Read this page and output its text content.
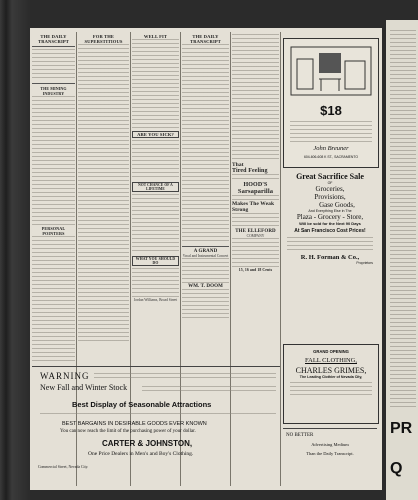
THE DAILY TRANSCRIPT
THE MINING INDUSTRY
PERSONAL POINTERS
FOR THE SUPERSTITIOUS
WELL FIT
ARE YOU SICK?
NOT CHANCE OF A LIFETIME
WHAT YOU SHOULD DO
Jordan Williams, Broad Street
THE DAILY TRANSCRIPT
A GRAND
Vocal and Instrumental Concert
WM. T. DOOM
That
Tired Feeling
HOOD'S
Sarsaparilla
Makes The Weak Strong
THE ELLEFORD
COMPANY
15, 16 and 18 Cents
$18
John Breuner
604-606-608 K ST., SACRAMENTO
Great Sacrifice Sale
OF
Groceries,
Provisions,
Gase Goods,
And Everything Else in The
Plaza - Grocery - Store,
Will be sold for the Next 90 Days
At San Francisco Cost Prices!
R. H. Forman & Co.,
Proprietors
GRAND OPENING
FALL CLOTHING,
CHARLES GRIMES,
The Leading Clothier of Nevada City,
WARNING
New Fall and Winter Stock
Best Display of Seasonable Attractions
BEST BARGAINS IN DESIRABLE GOODS EVER KNOWN
You can now reach the limit of the purchasing power of your dollar.
CARTER & JOHNSTON,
One Price Dealers in Men's and Boy's Clothing.
Commercial Street, Nevada City.
NO BETTER
Advertising Medium
Than the Daily Transcript.
PR
Q
